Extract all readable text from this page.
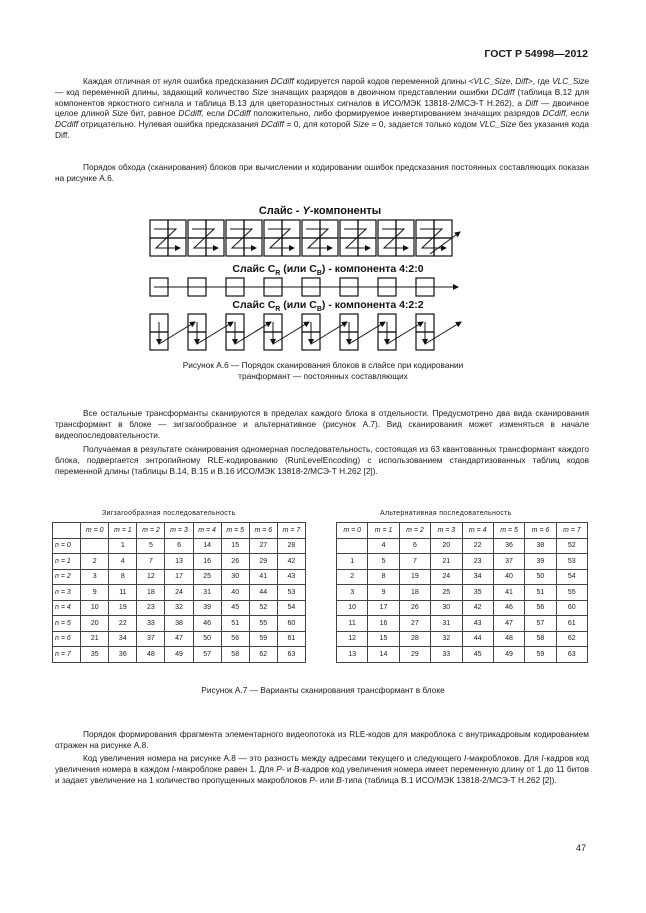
ГОСТ Р 54998—2012

Каждая отличная от нуля ошибка предсказания DCdiff кодируется парой кодов переменной длины <VLC_Size, Diff>, где VLC_Size — код переменной длины, задающий количество Size значащих разрядов в двоичном представлении ошибки DCdiff (таблица B.12 для компонентов яркостного сигнала и таблица B.13 для цветоразностных сигналов в ИСО/МЭК 13818-2/МСЭ-Т Н.262), а Diff — двоичное целое длиной Size бит, равное DCdiff, если DCdiff положительно, либо формируемое инвертированием значащих разрядов DCdiff, если DCdiff отрицательно. Нулевая ошибка предсказания DCdiff = 0, для которой Size = 0, задается только кодом VLC_Size без указания кода Diff.

Порядок обхода (сканирования) блоков при вычислении и кодировании ошибок предсказания постоянных составляющих показан на рисунке А.6.

Слайс - Y-компоненты
Слайс $C_R$ (или $C_B$) - компонента 4:2:0
Слайс $C_R$ (или $C_B$) - компонента 4:2:2
Рисунок А.6 — Порядок сканирования блоков в слайсе при кодировании
транформант — постоянных составляющих

Все остальные трансформанты сканируются в пределах каждого блока в отдельности. Предусмотрено два вида сканирования трансформант в блоке — зигзагообразное и альтернативное (рисунок А.7). Вид сканирования может изменяться в начале видеопоследовательности.

Получаемая в результате сканирования одномерная последовательность, состоящая из 63 квантованных трансформант каждого блока, подвергается энтропийному RLE-кодированию (RunLevelEncoding) с использованием стандартизованных таблиц кодов переменной длины (таблицы В.14, В.15 и В.16 ИСО/МЭК 13818-2/МСЭ-Т Н.262 [2]).

Зигзагообразная последовательность	Альтернативная последовательность
	m = 0	m = 1	m = 2	m = 3	m = 4	m = 5	m = 6	m = 7
n = 0		1	5	6	14	15	27	28
n = 1	2	4	7	13	16	26	29	42
n = 2	3	8	12	17	25	30	41	43
n = 3	9	11	18	24	31	40	44	53
n = 4	10	19	23	32	39	45	52	54
n = 5	20	22	33	38	46	51	55	60
n = 6	21	34	37	47	50	56	59	61
n = 7	35	36	48	49	57	58	62	63
m = 0	m = 1	m = 2	m = 3	m = 4	m = 5	m = 6	m = 7
	4	6	20	22	36	38	52
1	5	7	21	23	37	39	53
2	8	19	24	34	40	50	54
3	9	18	25	35	41	51	55
10	17	26	30	42	46	56	60
11	16	27	31	43	47	57	61
12	15	28	32	44	48	58	62
13	14	29	33	45	49	59	63
Рисунок А.7 — Варианты сканирования трансформант в блоке

Порядок формирования фрагмента элементарного видеопотока из RLE-кодов для макроблока с внутрикадровым кодированием отражен на рисунке А.8.

Код увеличения номера на рисунке А.8 — это разность между адресами текущего и следующего I-макроблоков. Для I-кадров код увеличения номера в каждом I-макроблоке равен 1. Для P- и B-кадров код увеличения номера имеет переменную длину от 1 до 11 битов и задает увеличение на 1 количество пропущенных макроблоков P- или B-типа (таблица В.1 ИСО/МЭК 13818-2/МСЭ-Т Н.262 [2]).

47
